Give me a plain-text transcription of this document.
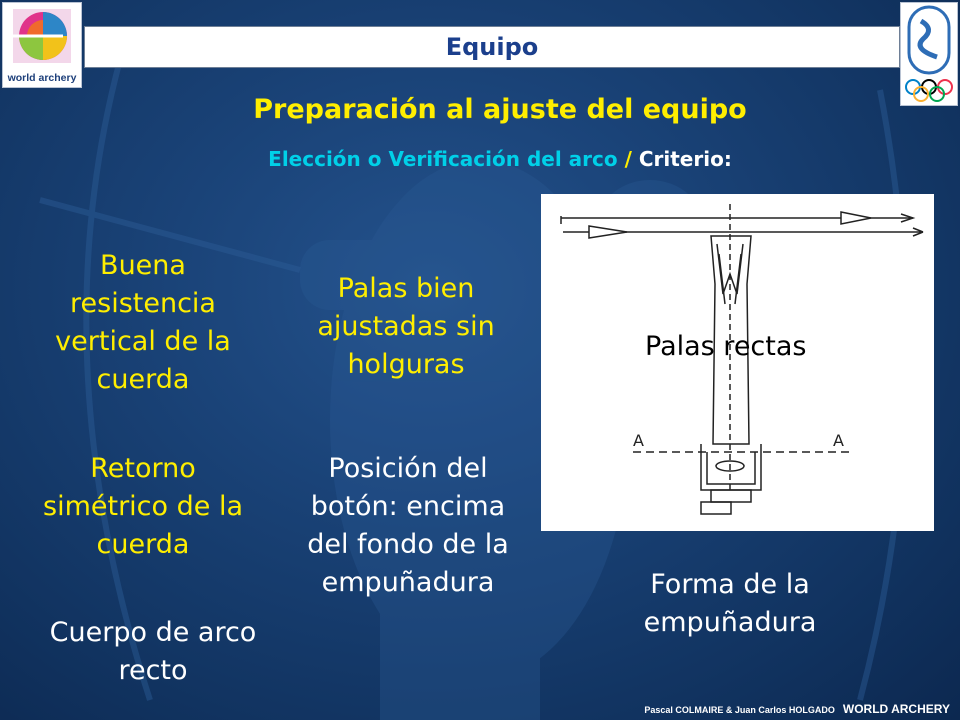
world archery
Equipo
Preparación al ajuste del equipo
Elección o Verificación del arco / Criterio:
Buena resistencia vertical de la cuerda
Palas bien ajustadas sin holguras
Retorno simétrico de la cuerda
Posición del botón: encima del fondo de la empuñadura
Cuerpo de arco recto
Forma de la empuñadura
A	A
Palas rectas
Pascal COLMAIRE & Juan Carlos HOLGADO WORLD ARCHERY
